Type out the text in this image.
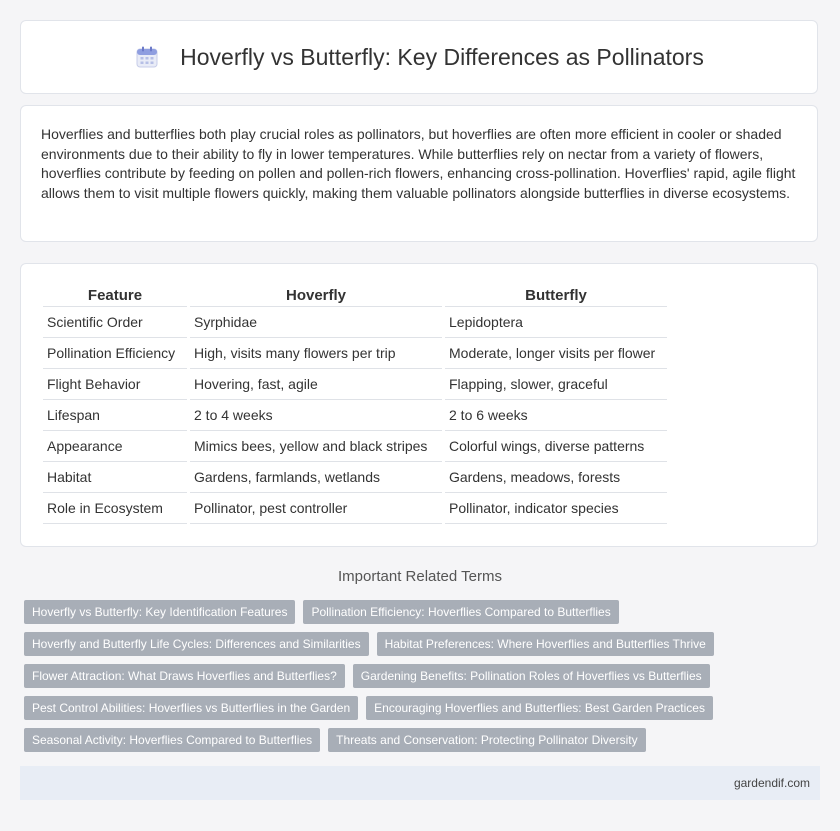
Hoverfly vs Butterfly: Key Differences as Pollinators

Hoverflies and butterflies both play crucial roles as pollinators, but hoverflies are often more efficient in cooler or shaded environments due to their ability to fly in lower temperatures. While butterflies rely on nectar from a variety of flowers, hoverflies contribute by feeding on pollen and pollen-rich flowers, enhancing cross-pollination. Hoverflies' rapid, agile flight allows them to visit multiple flowers quickly, making them valuable pollinators alongside butterflies in diverse ecosystems.

Feature	Hoverfly	Butterfly
Scientific Order	Syrphidae	Lepidoptera
Pollination Efficiency	High, visits many flowers per trip	Moderate, longer visits per flower
Flight Behavior	Hovering, fast, agile	Flapping, slower, graceful
Lifespan	2 to 4 weeks	2 to 6 weeks
Appearance	Mimics bees, yellow and black stripes	Colorful wings, diverse patterns
Habitat	Gardens, farmlands, wetlands	Gardens, meadows, forests
Role in Ecosystem	Pollinator, pest controller	Pollinator, indicator species
Important Related Terms
Hoverfly vs Butterfly: Key Identification Features	Pollination Efficiency: Hoverflies Compared to Butterflies
Hoverfly and Butterfly Life Cycles: Differences and Similarities	Habitat Preferences: Where Hoverflies and Butterflies Thrive
Flower Attraction: What Draws Hoverflies and Butterflies?	Gardening Benefits: Pollination Roles of Hoverflies vs Butterflies
Pest Control Abilities: Hoverflies vs Butterflies in the Garden	Encouraging Hoverflies and Butterflies: Best Garden Practices
Seasonal Activity: Hoverflies Compared to Butterflies	Threats and Conservation: Protecting Pollinator Diversity
gardendif.com
